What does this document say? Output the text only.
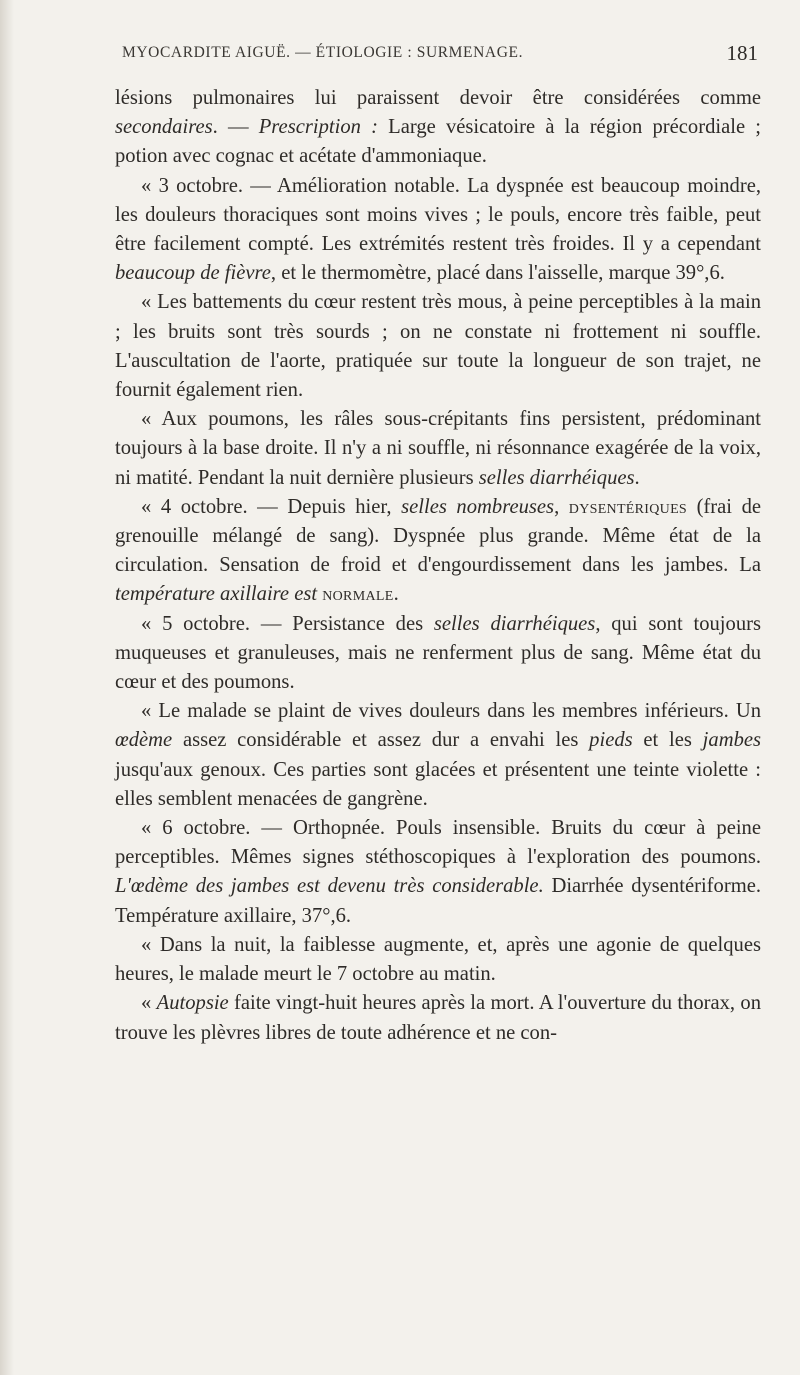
MYOCARDITE AIGUË. — ÉTIOLOGIE : SURMENAGE.	181

lésions pulmonaires lui paraissent devoir être considérées comme secondaires. — Prescription : Large vésicatoire à la région précordiale ; potion avec cognac et acétate d'ammoniaque.

« 3 octobre. — Amélioration notable. La dyspnée est beaucoup moindre, les douleurs thoraciques sont moins vives ; le pouls, encore très faible, peut être facilement compté. Les extrémités restent très froides. Il y a cependant beaucoup de fièvre, et le thermomètre, placé dans l'aisselle, marque 39°,6.

« Les battements du cœur restent très mous, à peine perceptibles à la main ; les bruits sont très sourds ; on ne constate ni frottement ni souffle. L'auscultation de l'aorte, pratiquée sur toute la longueur de son trajet, ne fournit également rien.

« Aux poumons, les râles sous-crépitants fins persistent, prédominant toujours à la base droite. Il n'y a ni souffle, ni résonnance exagérée de la voix, ni matité. Pendant la nuit dernière plusieurs selles diarrhéiques.

« 4 octobre. — Depuis hier, selles nombreuses, dysentériques (frai de grenouille mélangé de sang). Dyspnée plus grande. Même état de la circulation. Sensation de froid et d'engourdissement dans les jambes. La température axillaire est normale.

« 5 octobre. — Persistance des selles diarrhéiques, qui sont toujours muqueuses et granuleuses, mais ne renferment plus de sang. Même état du cœur et des poumons.

« Le malade se plaint de vives douleurs dans les membres inférieurs. Un œdème assez considérable et assez dur a envahi les pieds et les jambes jusqu'aux genoux. Ces parties sont glacées et présentent une teinte violette : elles semblent menacées de gangrène.

« 6 octobre. — Orthopnée. Pouls insensible. Bruits du cœur à peine perceptibles. Mêmes signes stéthoscopiques à l'exploration des poumons. L'œdème des jambes est devenu très considerable. Diarrhée dysentériforme. Température axillaire, 37°,6.

« Dans la nuit, la faiblesse augmente, et, après une agonie de quelques heures, le malade meurt le 7 octobre au matin.

« Autopsie faite vingt-huit heures après la mort. A l'ouverture du thorax, on trouve les plèvres libres de toute adhérence et ne con-
